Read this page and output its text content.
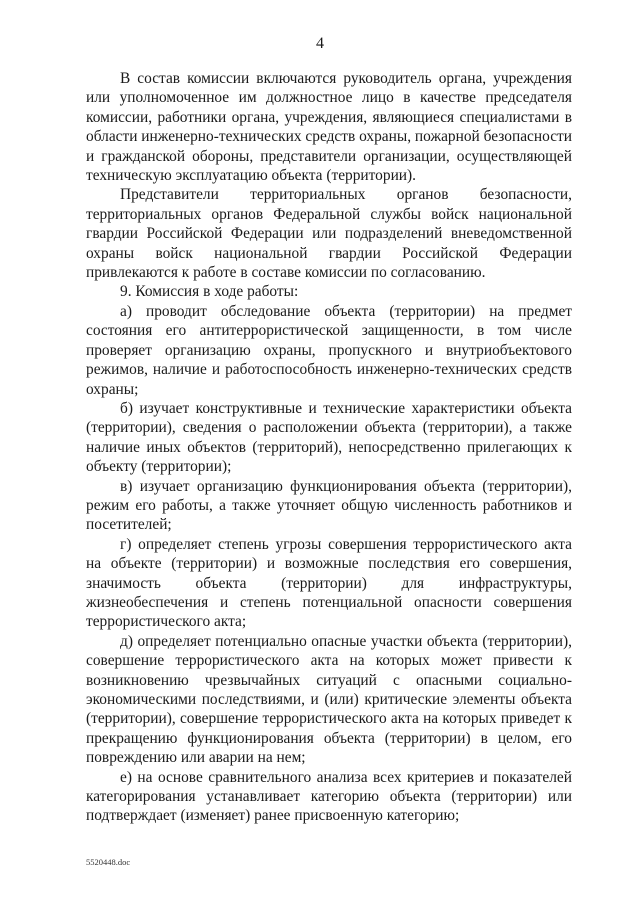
4

В состав комиссии включаются руководитель органа, учреждения или уполномоченное им должностное лицо в качестве председателя комиссии, работники органа, учреждения, являющиеся специалистами в области инженерно-технических средств охраны, пожарной безопасности и гражданской обороны, представители организации, осуществляющей техническую эксплуатацию объекта (территории).

Представители территориальных органов безопасности, территориальных органов Федеральной службы войск национальной гвардии Российской Федерации или подразделений вневедомственной охраны войск национальной гвардии Российской Федерации привлекаются к работе в составе комиссии по согласованию.

9. Комиссия в ходе работы:

а) проводит обследование объекта (территории) на предмет состояния его антитеррористической защищенности, в том числе проверяет организацию охраны, пропускного и внутриобъектового режимов, наличие и работоспособность инженерно-технических средств охраны;

б) изучает конструктивные и технические характеристики объекта (территории), сведения о расположении объекта (территории), а также наличие иных объектов (территорий), непосредственно прилегающих к объекту (территории);

в) изучает организацию функционирования объекта (территории), режим его работы, а также уточняет общую численность работников и посетителей;

г) определяет степень угрозы совершения террористического акта на объекте (территории) и возможные последствия его совершения, значимость объекта (территории) для инфраструктуры, жизнеобеспечения и степень потенциальной опасности совершения террористического акта;

д) определяет потенциально опасные участки объекта (территории), совершение террористического акта на которых может привести к возникновению чрезвычайных ситуаций с опасными социально-экономическими последствиями, и (или) критические элементы объекта (территории), совершение террористического акта на которых приведет к прекращению функционирования объекта (территории) в целом, его повреждению или аварии на нем;

е) на основе сравнительного анализа всех критериев и показателей категорирования устанавливает категорию объекта (территории) или подтверждает (изменяет) ранее присвоенную категорию;

5520448.doc
